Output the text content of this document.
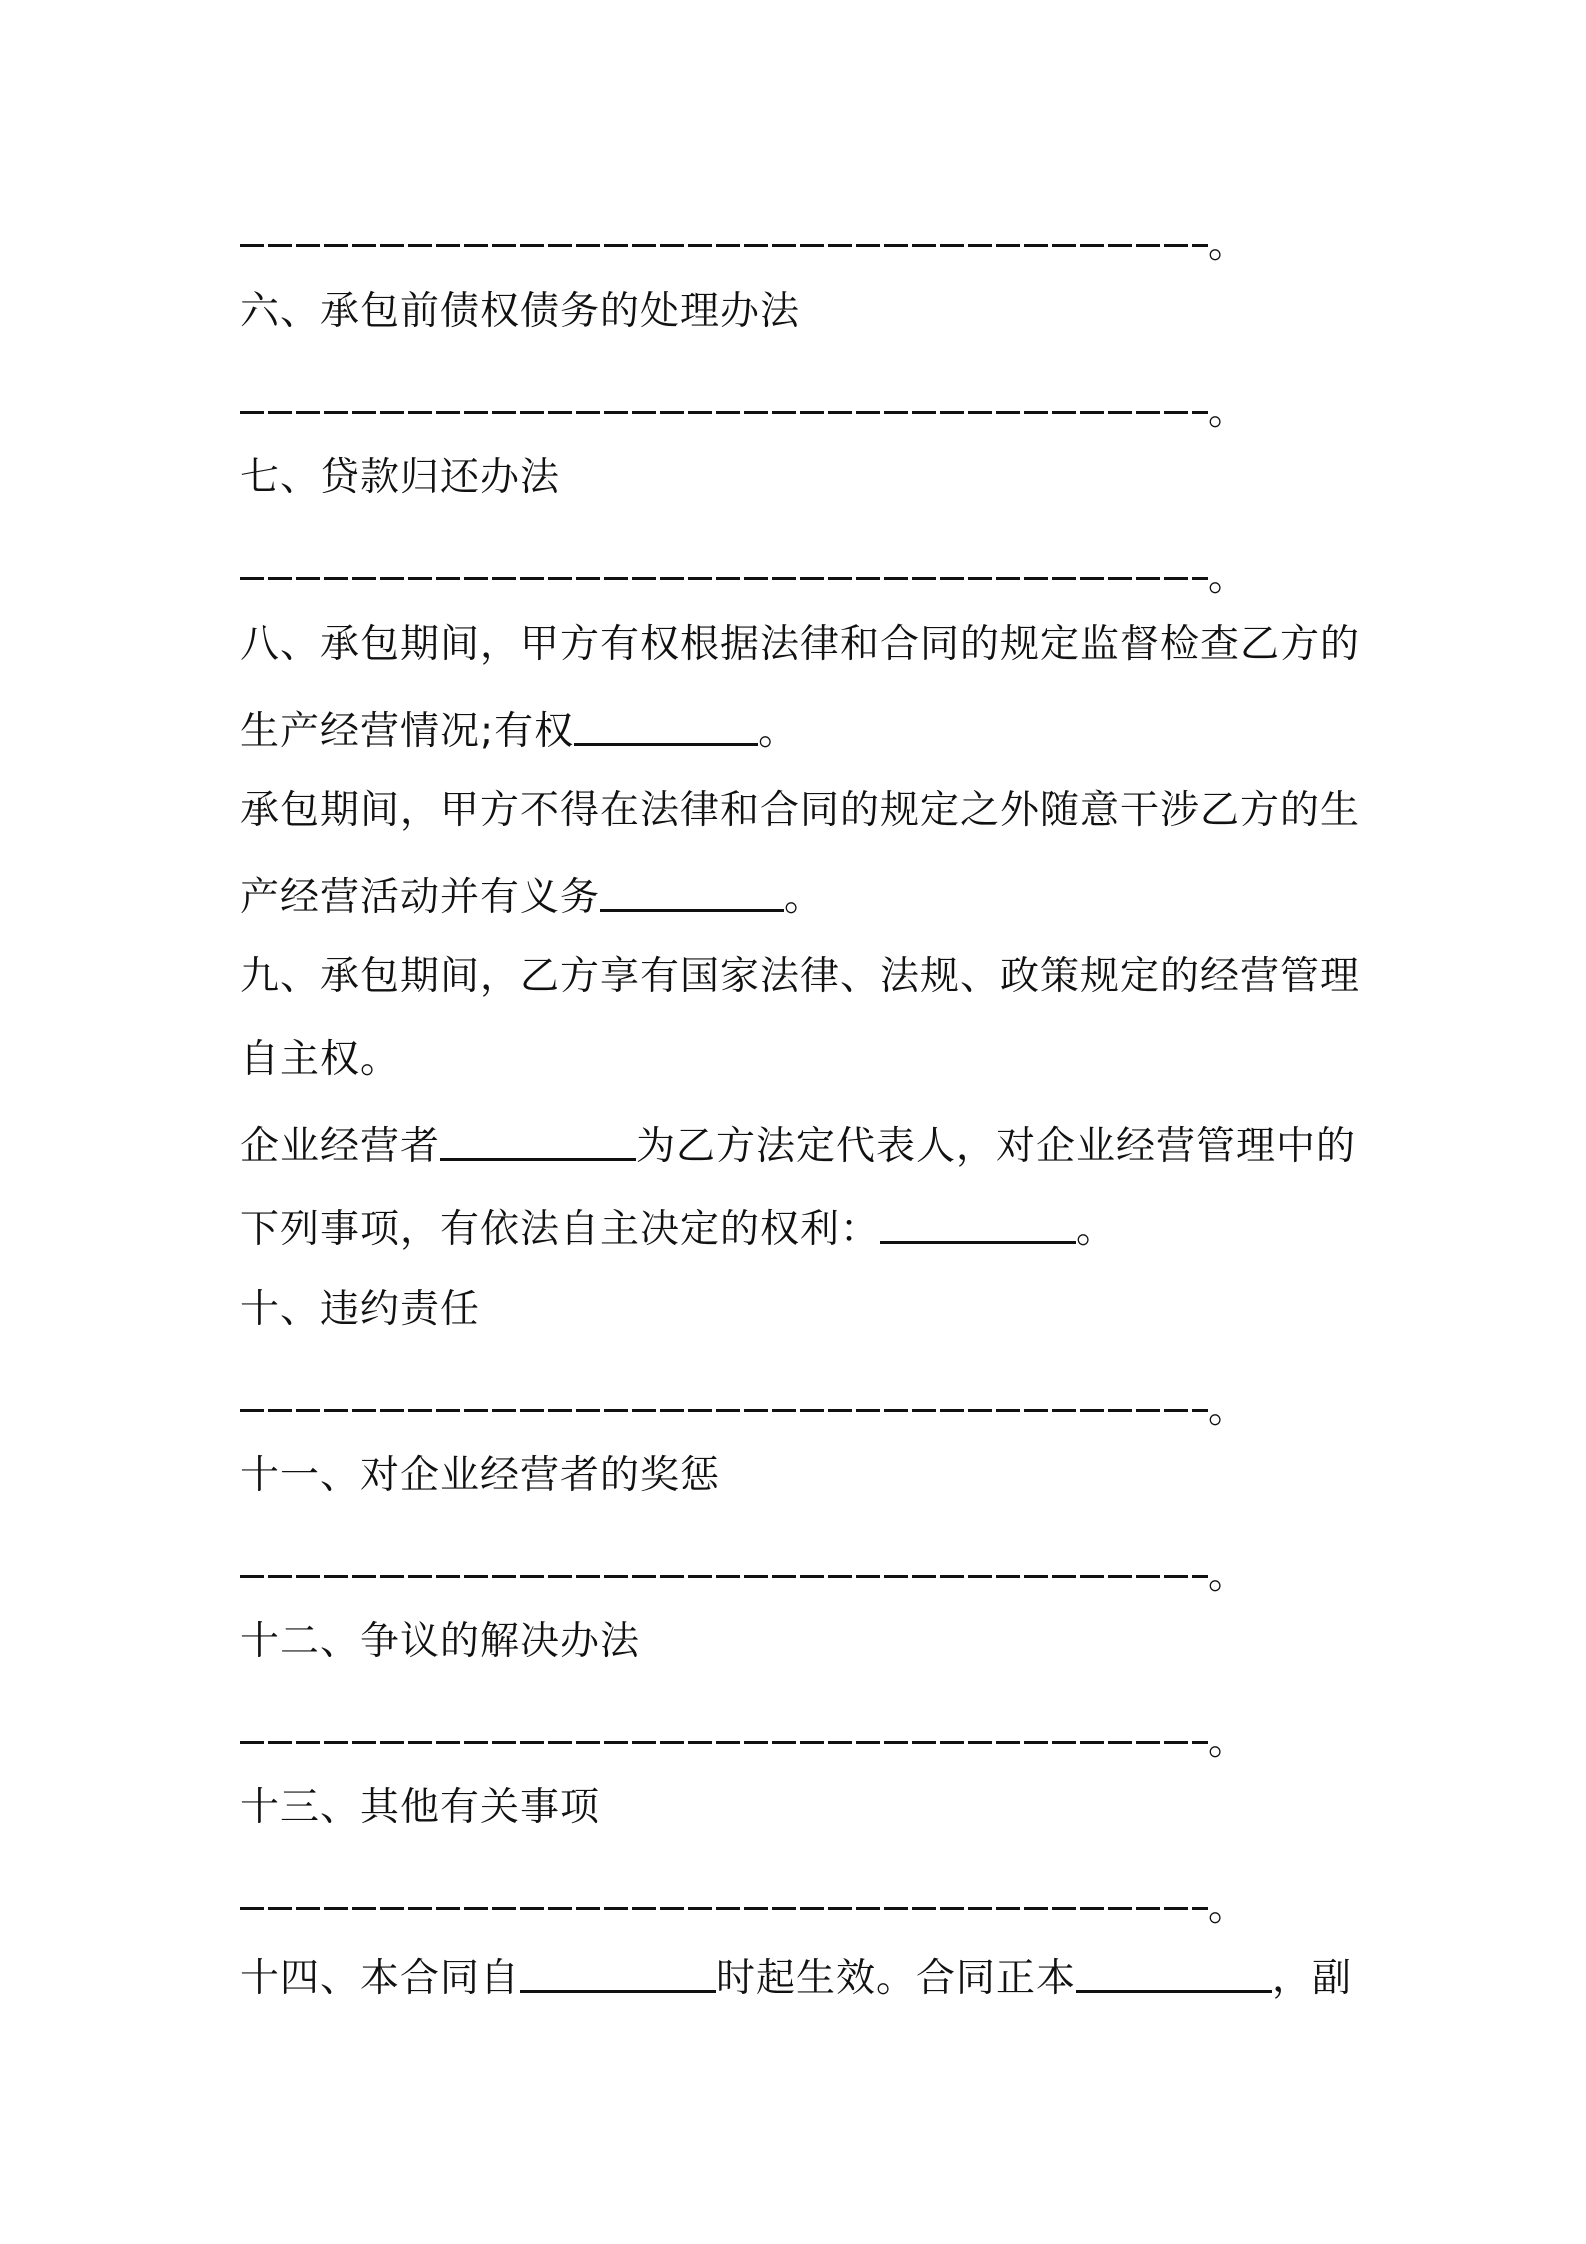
。
六、承包前债权债务的处理办法
。
七、贷款归还办法
。
八、承包期间，甲方有权根据法律和合同的规定监督检查乙方的
生产经营情况;有权	。
承包期间，甲方不得在法律和合同的规定之外随意干涉乙方的生
产经营活动并有义务	。
九、承包期间，乙方享有国家法律、法规、政策规定的经营管理
自主权。
企业经营者	为乙方法定代表人，对企业经营管理中的
下列事项，有依法自主决定的权利：	。
十、违约责任
。
十一、对企业经营者的奖惩
。
十二、争议的解决办法
。
十三、其他有关事项
。
十四、本合同自	时起生效。合同正本	，副
